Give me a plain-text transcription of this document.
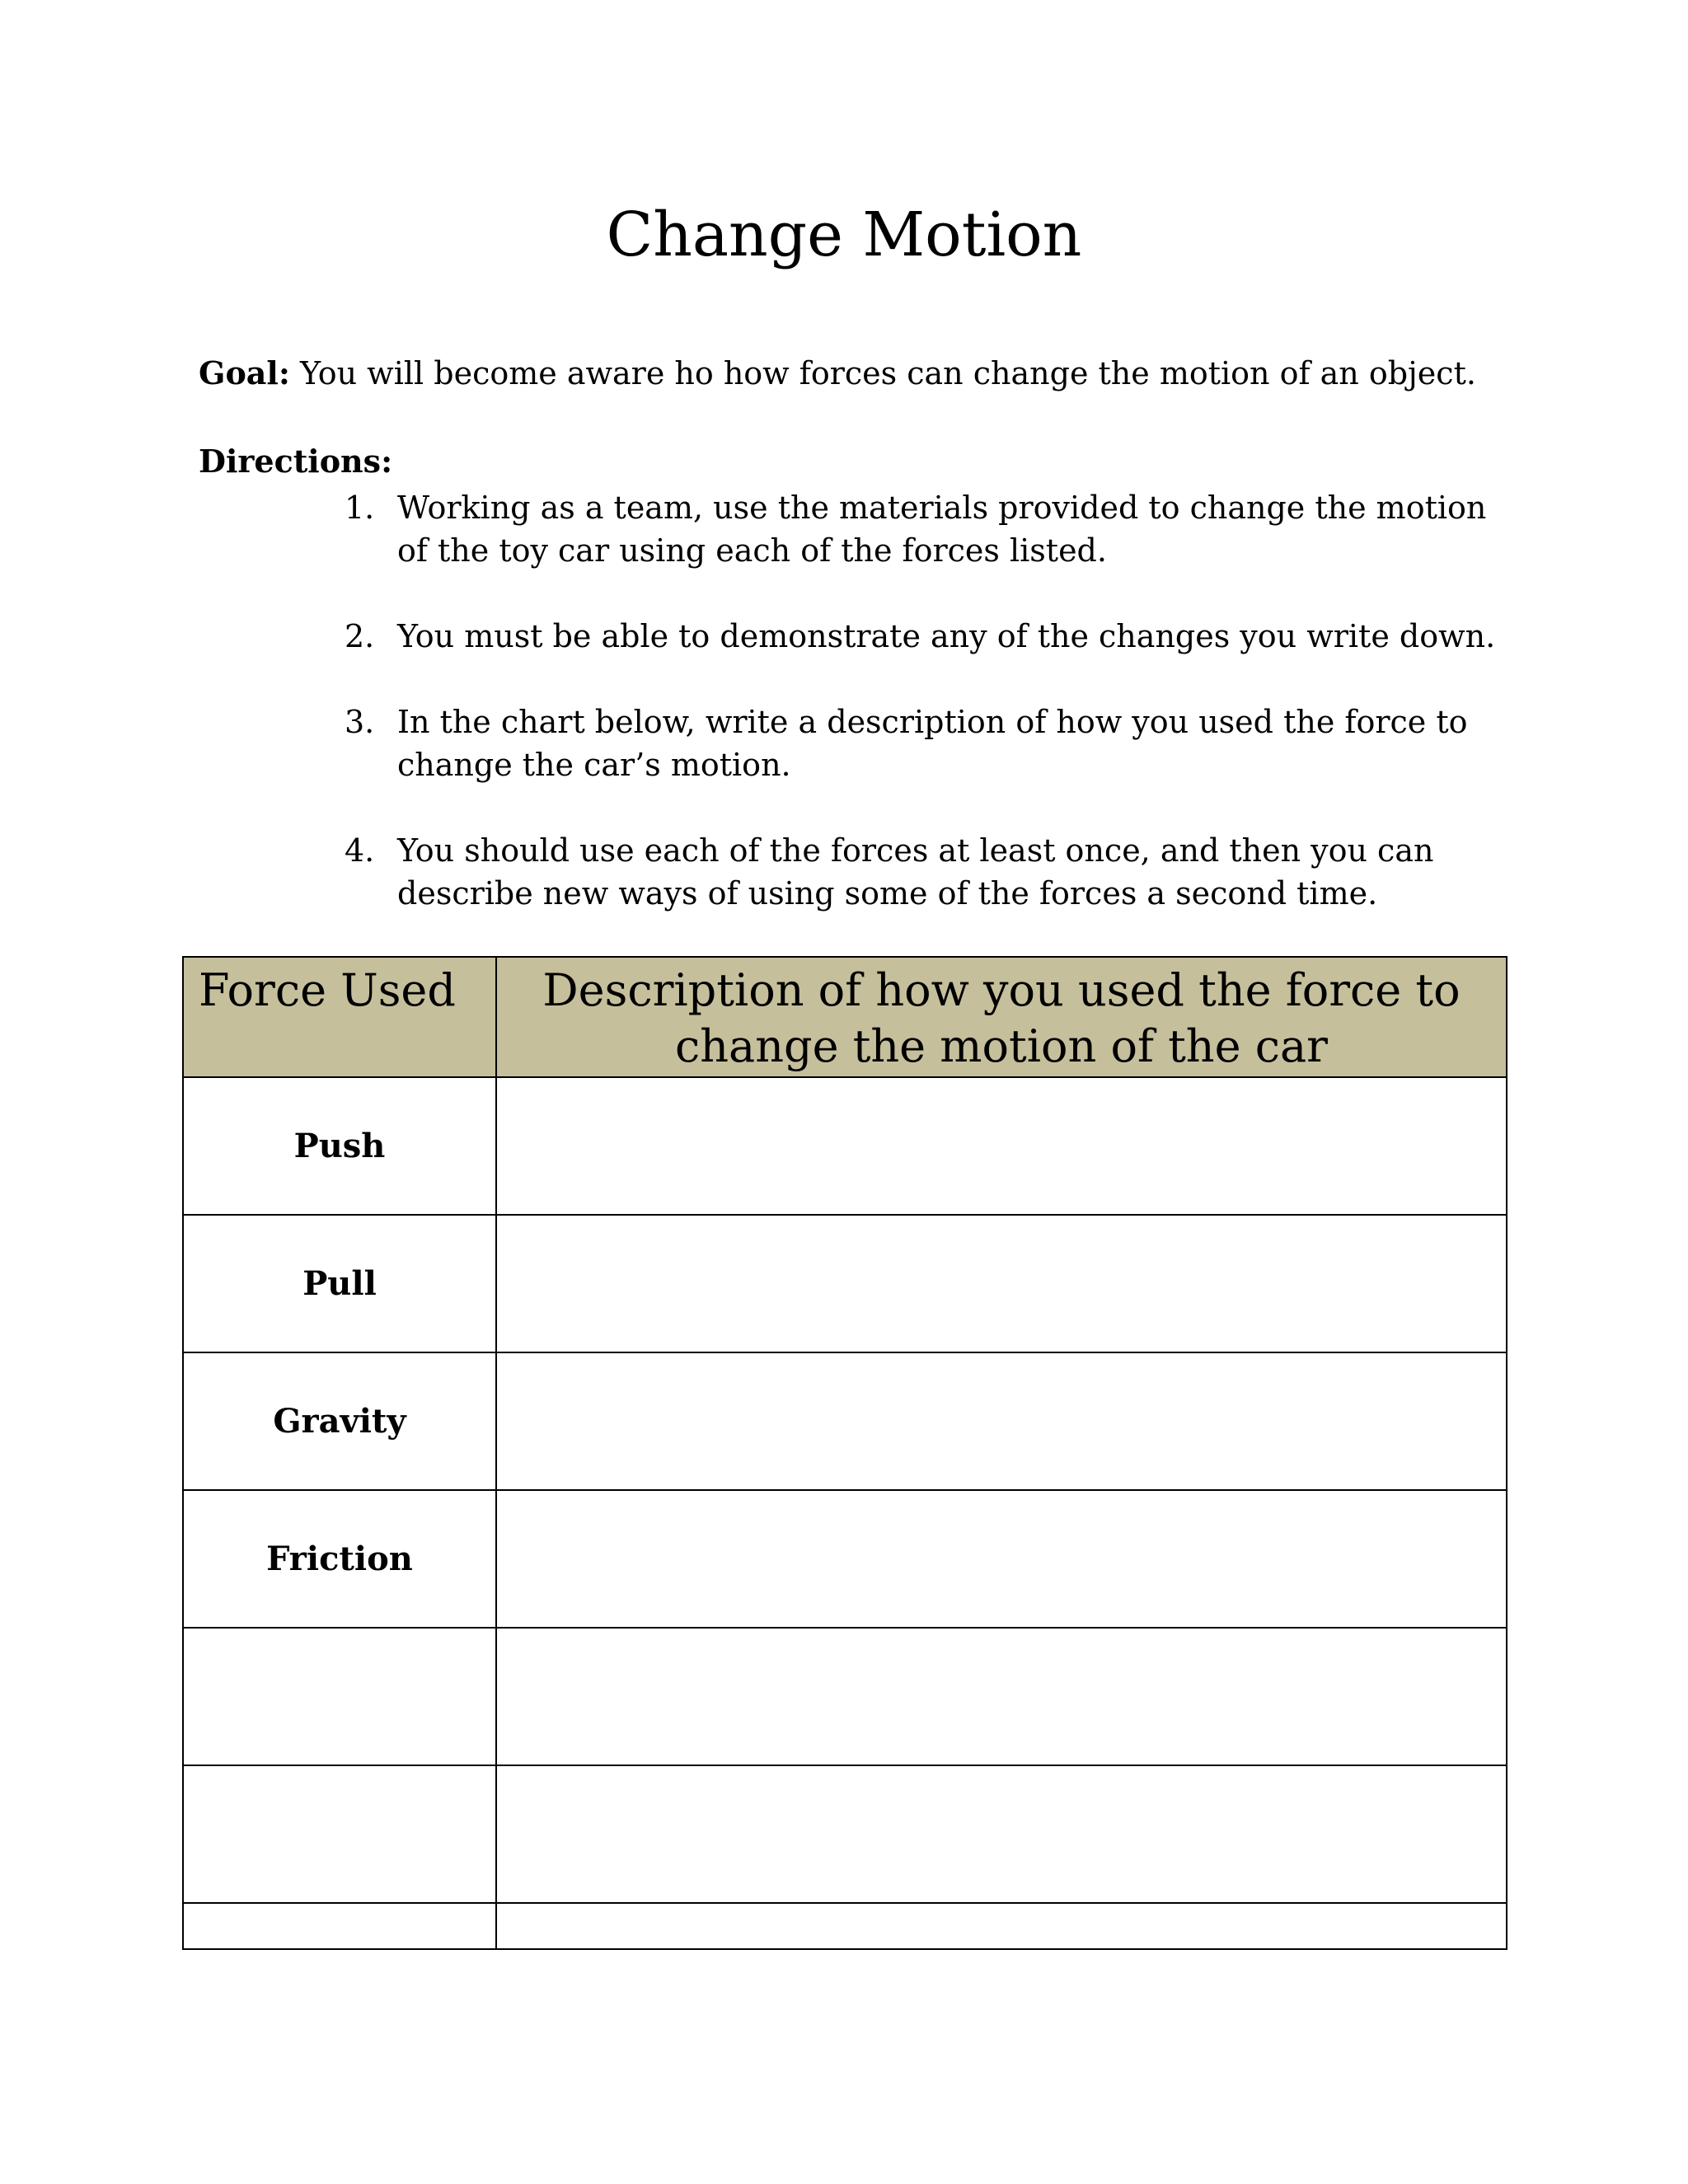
Change Motion
Goal: You will become aware ho how forces can change the motion of an object.
Directions:
1. Working as a team, use the materials provided to change the motion of the toy car using each of the forces listed.
2. You must be able to demonstrate any of the changes you write down.
3. In the chart below, write a description of how you used the force to change the car’s motion.
4. You should use each of the forces at least once, and then you can describe new ways of using some of the forces a second time.
Force Used	Description of how you used the force to change the motion of the car
Push	
Pull	
Gravity	
Friction	
